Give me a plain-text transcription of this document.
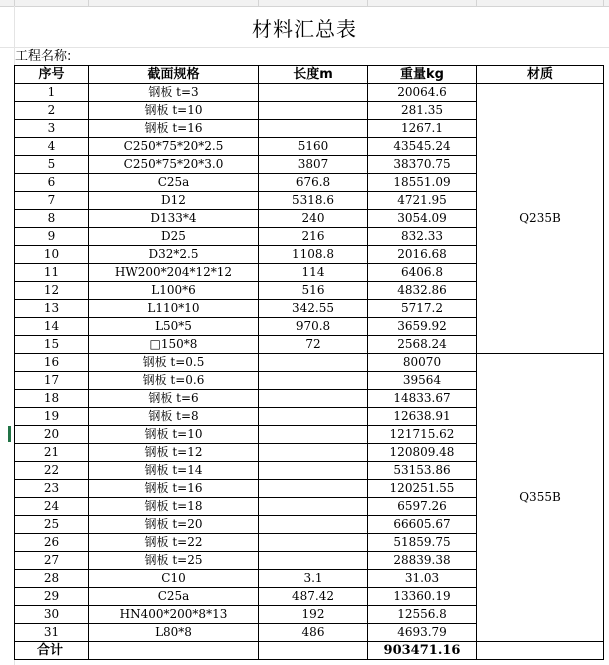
材料汇总表
工程名称:
序号	截面规格	长度m	重量kg	材质
1	钢板 t=3		20064.6	Q235B
2	钢板 t=10		281.35	
3	钢板 t=16		1267.1	
4	C250*75*20*2.5	5160	43545.24	
5	C250*75*20*3.0	3807	38370.75	
6	C25a	676.8	18551.09	
7	D12	5318.6	4721.95	
8	D133*4	240	3054.09	
9	D25	216	832.33	
10	D32*2.5	1108.8	2016.68	
11	HW200*204*12*12	114	6406.8	
12	L100*6	516	4832.86	
13	L110*10	342.55	5717.2	
14	L50*5	970.8	3659.92	
15	□150*8	72	2568.24	
16	钢板 t=0.5		80070	Q355B
17	钢板 t=0.6		39564	
18	钢板 t=6		14833.67	
19	钢板 t=8		12638.91	
20	钢板 t=10		121715.62	
21	钢板 t=12		120809.48	
22	钢板 t=14		53153.86	
23	钢板 t=16		120251.55	
24	钢板 t=18		6597.26	
25	钢板 t=20		66605.67	
26	钢板 t=22		51859.75	
27	钢板 t=25		28839.38	
28	C10	3.1	31.03	
29	C25a	487.42	13360.19	
30	HN400*200*8*13	192	12556.8	
31	L80*8	486	4693.79	
合计			903471.16	
